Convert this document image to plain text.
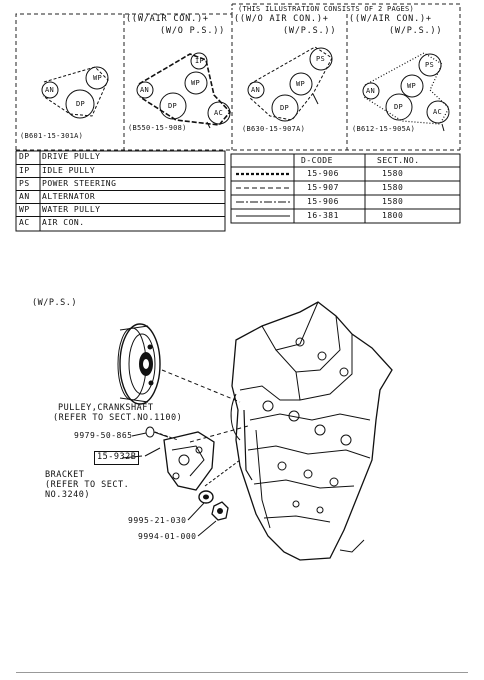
(THIS ILLUSTRATION CONSISTS OF 2 PAGES)
((W/AIR CON.)+
(W/O P.S.))
((W/O AIR CON.)+
(W/P.S.))
((W/AIR CON.)+
(W/P.S.))
AN
DP
WP
(B601-15-301A)
IP
WP
AN
DP
AC
(B550-15-908)
PS
AN
WP
DP
(B630-15-907A)
PS
WP
AN
DP
AC
(B612-15-905A)
DP DRIVE PULLY
IP IDLE PULLY
PS POWER STEERING
AN ALTERNATOR
WP WATER PULLY
AC AIR CON.
D-CODE	SECT.NO.
15-906	1580
15-907	1580
15-906	1580
16-381	1800
(W/P.S.)
PULLEY,CRANKSHAFT
(REFER TO SECT.NO.1100)
9979-50-865
15-932B
BRACKET
(REFER TO SECT.
NO.3240)
9995-21-030
9994-01-000
